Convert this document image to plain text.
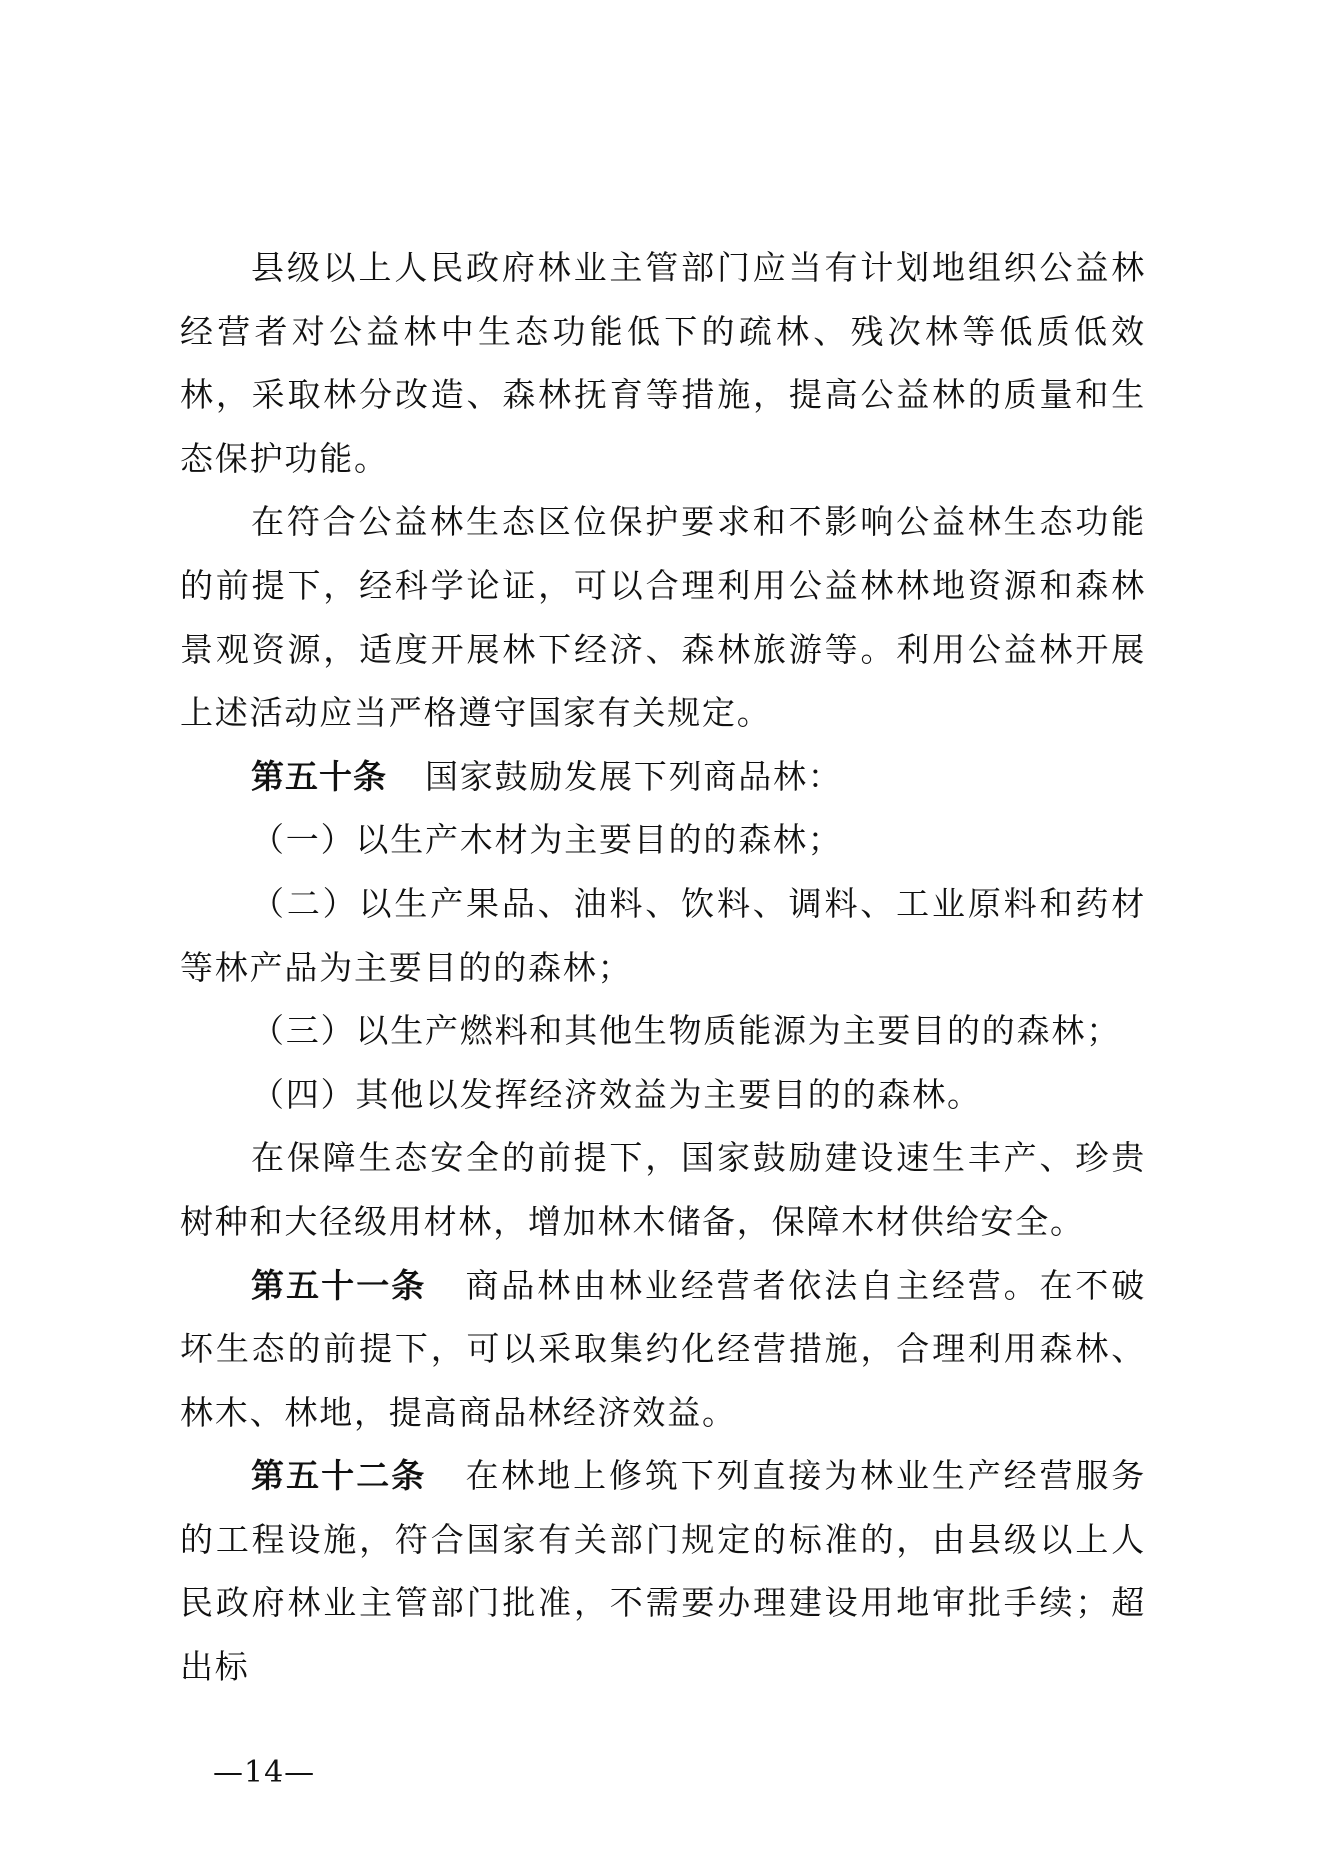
县级以上人民政府林业主管部门应当有计划地组织公益林经营者对公益林中生态功能低下的疏林、残次林等低质低效林，采取林分改造、森林抚育等措施，提高公益林的质量和生态保护功能。

在符合公益林生态区位保护要求和不影响公益林生态功能的前提下，经科学论证，可以合理利用公益林林地资源和森林景观资源，适度开展林下经济、森林旅游等。利用公益林开展上述活动应当严格遵守国家有关规定。

第五十条 国家鼓励发展下列商品林：

（一）以生产木材为主要目的的森林；

（二）以生产果品、油料、饮料、调料、工业原料和药材等林产品为主要目的的森林；

（三）以生产燃料和其他生物质能源为主要目的的森林；

（四）其他以发挥经济效益为主要目的的森林。

在保障生态安全的前提下，国家鼓励建设速生丰产、珍贵树种和大径级用材林，增加林木储备，保障木材供给安全。

第五十一条 商品林由林业经营者依法自主经营。在不破坏生态的前提下，可以采取集约化经营措施，合理利用森林、林木、林地，提高商品林经济效益。

第五十二条 在林地上修筑下列直接为林业生产经营服务的工程设施，符合国家有关部门规定的标准的，由县级以上人民政府林业主管部门批准，不需要办理建设用地审批手续；超出标

—14—
